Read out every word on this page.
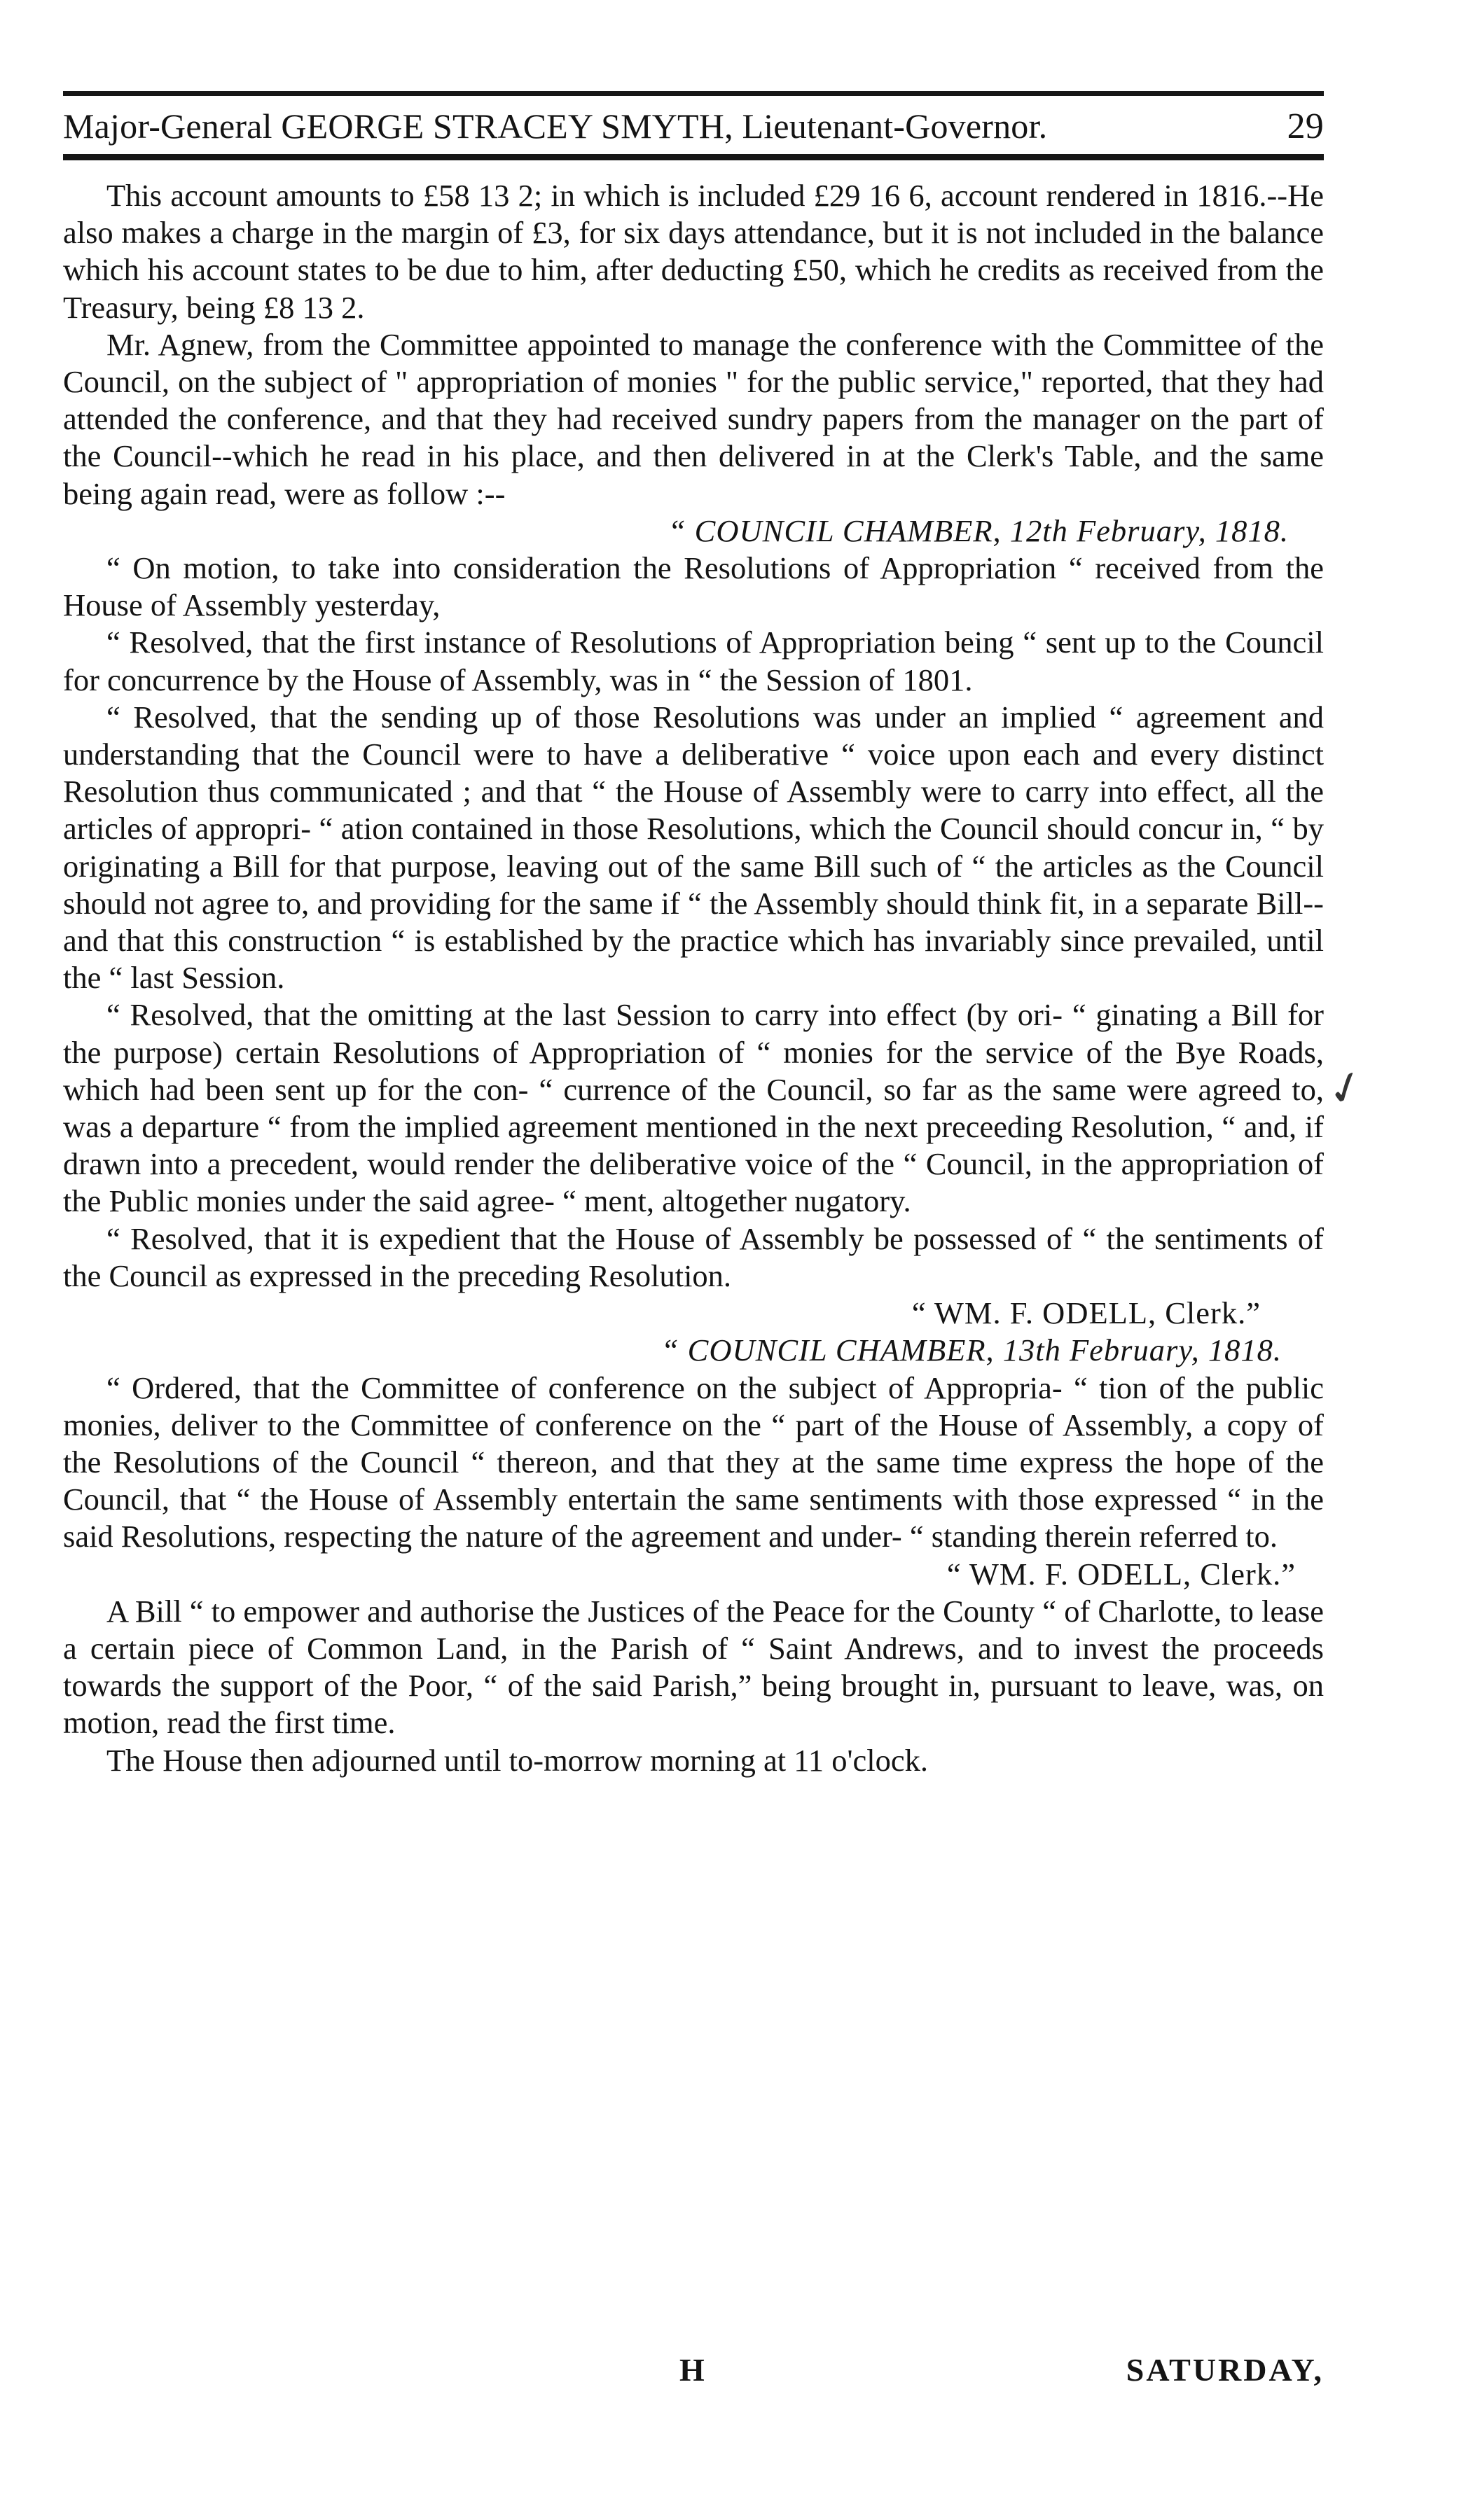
Major-General GEORGE STRACEY SMYTH, Lieutenant-Governor.	29

This account amounts to £58 13 2; in which is included £29 16 6, account rendered in 1816.--He also makes a charge in the margin of £3, for six days attendance, but it is not included in the balance which his account states to be due to him, after deducting £50, which he credits as received from the Treasury, being £8 13 2.

Mr. Agnew, from the Committee appointed to manage the conference with the Committee of the Council, on the subject of " appropriation of monies " for the public service," reported, that they had attended the conference, and that they had received sundry papers from the manager on the part of the Council--which he read in his place, and then delivered in at the Clerk's Table, and the same being again read, were as follow :--

“ COUNCIL CHAMBER, 12th February, 1818.

“ On motion, to take into consideration the Resolutions of Appropriation “ received from the House of Assembly yesterday,

“ Resolved, that the first instance of Resolutions of Appropriation being “ sent up to the Council for concurrence by the House of Assembly, was in “ the Session of 1801.

“ Resolved, that the sending up of those Resolutions was under an implied “ agreement and understanding that the Council were to have a deliberative “ voice upon each and every distinct Resolution thus communicated ; and that “ the House of Assembly were to carry into effect, all the articles of appropri- “ ation contained in those Resolutions, which the Council should concur in, “ by originating a Bill for that purpose, leaving out of the same Bill such of “ the articles as the Council should not agree to, and providing for the same if “ the Assembly should think fit, in a separate Bill--and that this construction “ is established by the practice which has invariably since prevailed, until the “ last Session.

“ Resolved, that the omitting at the last Session to carry into effect (by ori- “ ginating a Bill for the purpose) certain Resolutions of Appropriation of “ monies for the service of the Bye Roads, which had been sent up for the con- “ currence of the Council, so far as the same were agreed to, was a departure “ from the implied agreement mentioned in the next preceeding Resolution, “ and, if drawn into a precedent, would render the deliberative voice of the “ Council, in the appropriation of the Public monies under the said agree- “ ment, altogether nugatory.

“ Resolved, that it is expedient that the House of Assembly be possessed of “ the sentiments of the Council as expressed in the preceding Resolution.

“ WM. F. ODELL, Clerk.”

“ COUNCIL CHAMBER, 13th February, 1818.

“ Ordered, that the Committee of conference on the subject of Appropria- “ tion of the public monies, deliver to the Committee of conference on the “ part of the House of Assembly, a copy of the Resolutions of the Council “ thereon, and that they at the same time express the hope of the Council, that “ the House of Assembly entertain the same sentiments with those expressed “ in the said Resolutions, respecting the nature of the agreement and under- “ standing therein referred to.

“ WM. F. ODELL, Clerk.”

A Bill “ to empower and authorise the Justices of the Peace for the County “ of Charlotte, to lease a certain piece of Common Land, in the Parish of “ Saint Andrews, and to invest the proceeds towards the support of the Poor, “ of the said Parish,” being brought in, pursuant to leave, was, on motion, read the first time.

The House then adjourned until to-morrow morning at 11 o'clock.

✓
H	SATURDAY,
